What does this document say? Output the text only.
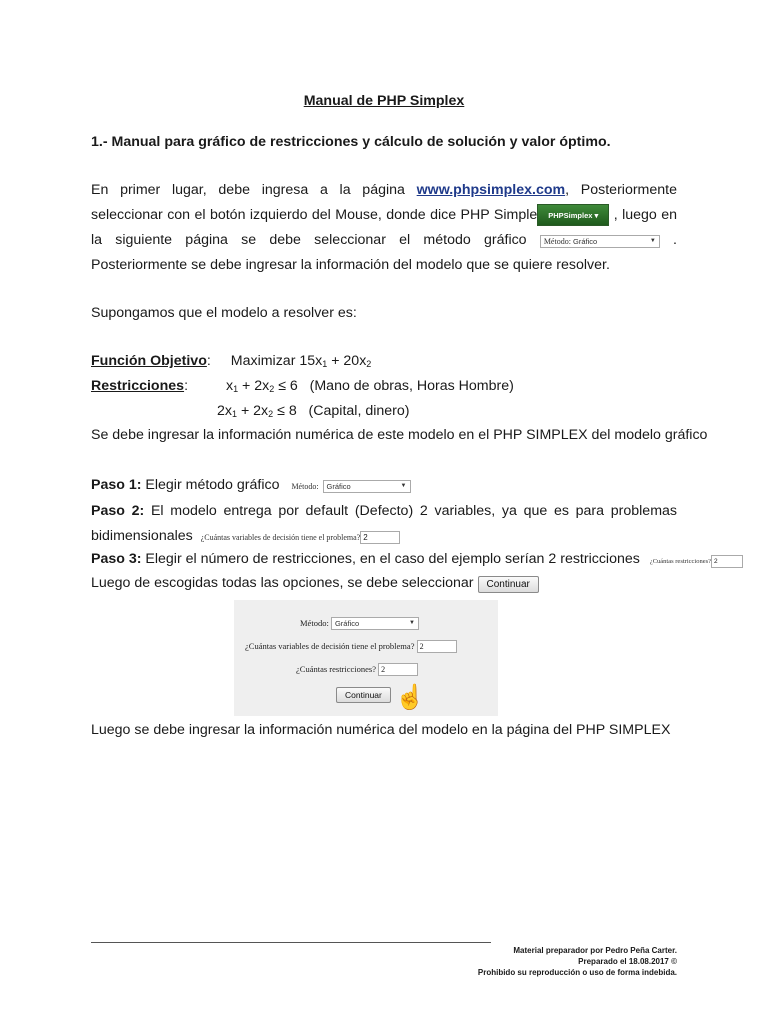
Manual de PHP Simplex
1.- Manual para gráfico de restricciones y cálculo de solución y valor óptimo.
En primer lugar, debe ingresa a la página www.phpsimplex.com, Posteriormente seleccionar con el botón izquierdo del Mouse, donde dice PHP Simple PHPSimplex ▾ , luego en la siguiente página se debe seleccionar el método gráfico Método: Gráfico	▼ . Posteriormente se debe ingresar la información del modelo que se quiere resolver.
Supongamos que el modelo a resolver es:
Función Objetivo: Maximizar $15x_1 + 20x_2$
Restricciones:	$x_1 + 2x_2 \le 6$   (Mano de obras, Horas Hombre)
$2x_1 + 2x_2 \le 8$   (Capital, dinero)
Se debe ingresar la información numérica de este modelo en el PHP SIMPLEX del modelo gráfico
Paso 1: Elegir método gráfico Método: Gráfico	▼
Paso 2: El modelo entrega por default (Defecto) 2 variables, ya que es para problemas bidimensionales ¿Cuántas variables de decisión tiene el problema? 2
Paso 3: Elegir el número de restricciones, en el caso del ejemplo serían 2 restricciones ¿Cuántas restricciones? 2
Luego de escogidas todas las opciones, se debe seleccionar Continuar
Método: Gráfico	▼
¿Cuántas variables de decisión tiene el problema? 2
¿Cuántas restricciones? 2
Continuar ☝
Luego se debe ingresar la información numérica del modelo en la página del PHP SIMPLEX
Material preparador por Pedro Peña Carter.
Preparado el 18.08.2017 ©
Prohibido su reproducción o uso de forma indebida.
